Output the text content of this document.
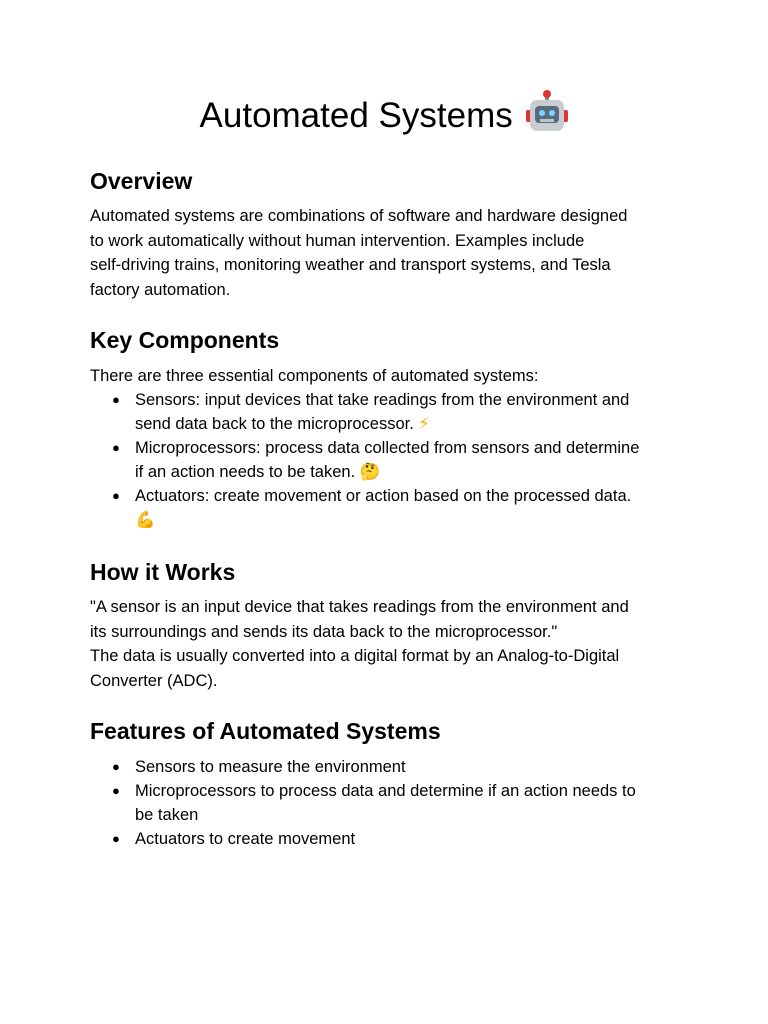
Automated Systems
Overview

Automated systems are combinations of software and hardware designed
to work automatically without human intervention. Examples include
self-driving trains, monitoring weather and transport systems, and Tesla
factory automation.

Key Components

There are three essential components of automated systems:

● Sensors: input devices that take readings from the environment and
send data back to the microprocessor. ⚡
● Microprocessors: process data collected from sensors and determine
if an action needs to be taken. 🤔
● Actuators: create movement or action based on the processed data.
💪
How it Works

"A sensor is an input device that takes readings from the environment and
its surroundings and sends its data back to the microprocessor."
The data is usually converted into a digital format by an Analog-to-Digital
Converter (ADC).

Features of Automated Systems
● Sensors to measure the environment
● Microprocessors to process data and determine if an action needs to
be taken
● Actuators to create movement
